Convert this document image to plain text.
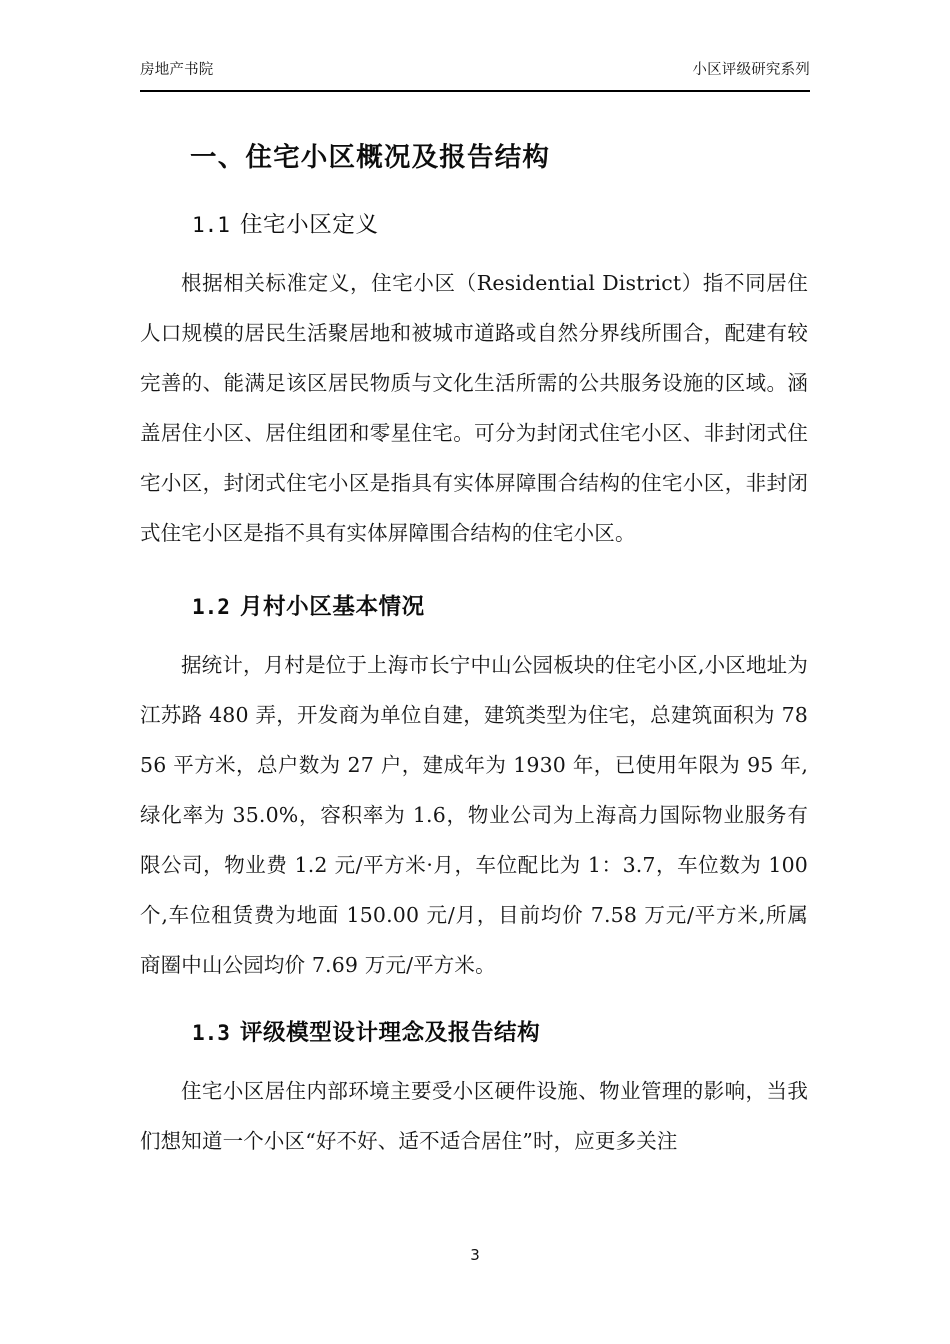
房地产书院	小区评级研究系列
一、住宅小区概况及报告结构
1.1 住宅小区定义

根据相关标准定义，住宅小区（Residential District）指不同居住人口规模的居民生活聚居地和被城市道路或自然分界线所围合，配建有较完善的、能满足该区居民物质与文化生活所需的公共服务设施的区域。涵盖居住小区、居住组团和零星住宅。可分为封闭式住宅小区、非封闭式住宅小区，封闭式住宅小区是指具有实体屏障围合结构的住宅小区，非封闭式住宅小区是指不具有实体屏障围合结构的住宅小区。

1.2 月村小区基本情况

据统计，月村是位于上海市长宁中山公园板块的住宅小区,小区地址为江苏路 480 弄，开发商为单位自建，建筑类型为住宅，总建筑面积为 7856 平方米，总户数为 27 户，建成年为 1930 年，已使用年限为 95 年,绿化率为 35.0%，容积率为 1.6，物业公司为上海高力国际物业服务有限公司，物业费 1.2 元/平方米·月，车位配比为 1：3.7，车位数为 100 个,车位租赁费为地面 150.00 元/月，目前均价 7.58 万元/平方米,所属商圈中山公园均价 7.69 万元/平方米。

1.3 评级模型设计理念及报告结构

住宅小区居住内部环境主要受小区硬件设施、物业管理的影响，当我们想知道一个小区“好不好、适不适合居住”时，应更多关注

3
